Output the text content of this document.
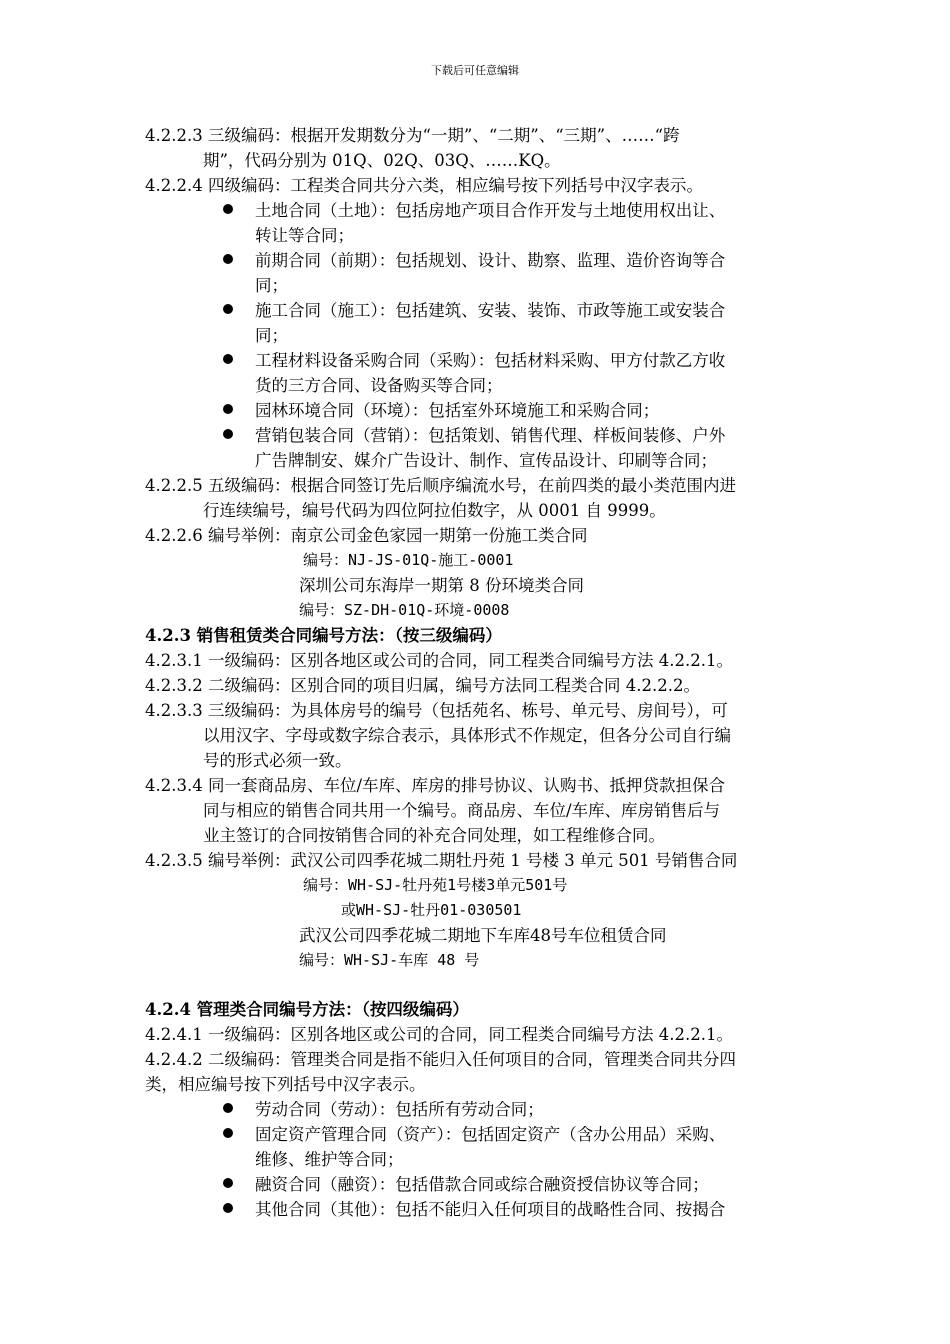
下载后可任意编辑
4.2.2.3 三级编码：根据开发期数分为“一期”、“二期”、“三期”、……“跨
期”，代码分别为 01Q、02Q、03Q、……KQ。
4.2.2.4 四级编码：工程类合同共分六类，相应编号按下列括号中汉字表示。
土地合同（土地）：包括房地产项目合作开发与土地使用权出让、
转让等合同；
前期合同（前期）：包括规划、设计、勘察、监理、造价咨询等合
同；
施工合同（施工）：包括建筑、安装、装饰、市政等施工或安装合
同；
工程材料设备采购合同（采购）：包括材料采购、甲方付款乙方收
货的三方合同、设备购买等合同；
园林环境合同（环境）：包括室外环境施工和采购合同；
营销包装合同（营销）：包括策划、销售代理、样板间装修、户外
广告牌制安、媒介广告设计、制作、宣传品设计、印刷等合同；
4.2.2.5 五级编码：根据合同签订先后顺序编流水号，在前四类的最小类范围内进
行连续编号，编号代码为四位阿拉伯数字，从 0001 自 9999。
4.2.2.6 编号举例：南京公司金色家园一期第一份施工类合同
编号：NJ-JS-01Q-施工-0001
深圳公司东海岸一期第 8 份环境类合同
编号：SZ-DH-01Q-环境-0008
4.2.3 销售租赁类合同编号方法：（按三级编码）
4.2.3.1 一级编码：区别各地区或公司的合同，同工程类合同编号方法 4.2.2.1。
4.2.3.2 二级编码：区别合同的项目归属，编号方法同工程类合同 4.2.2.2。
4.2.3.3 三级编码：为具体房号的编号（包括苑名、栋号、单元号、房间号），可
以用汉字、字母或数字综合表示，具体形式不作规定，但各分公司自行编
号的形式必须一致。
4.2.3.4 同一套商品房、车位/车库、库房的排号协议、认购书、抵押贷款担保合
同与相应的销售合同共用一个编号。商品房、车位/车库、库房销售后与
业主签订的合同按销售合同的补充合同处理，如工程维修合同。
4.2.3.5 编号举例：武汉公司四季花城二期牡丹苑 1 号楼 3 单元 501 号销售合同
编号：WH-SJ-牡丹苑1号楼3单元501号
或WH-SJ-牡丹01-030501
武汉公司四季花城二期地下车库48号车位租赁合同
编号：WH-SJ-车库 48 号
4.2.4 管理类合同编号方法：（按四级编码）
4.2.4.1 一级编码：区别各地区或公司的合同，同工程类合同编号方法 4.2.2.1。
4.2.4.2 二级编码：管理类合同是指不能归入任何项目的合同，管理类合同共分四
类，相应编号按下列括号中汉字表示。
劳动合同（劳动）：包括所有劳动合同；
固定资产管理合同（资产）：包括固定资产（含办公用品）采购、
维修、维护等合同；
融资合同（融资）：包括借款合同或综合融资授信协议等合同；
其他合同（其他）：包括不能归入任何项目的战略性合同、按揭合
